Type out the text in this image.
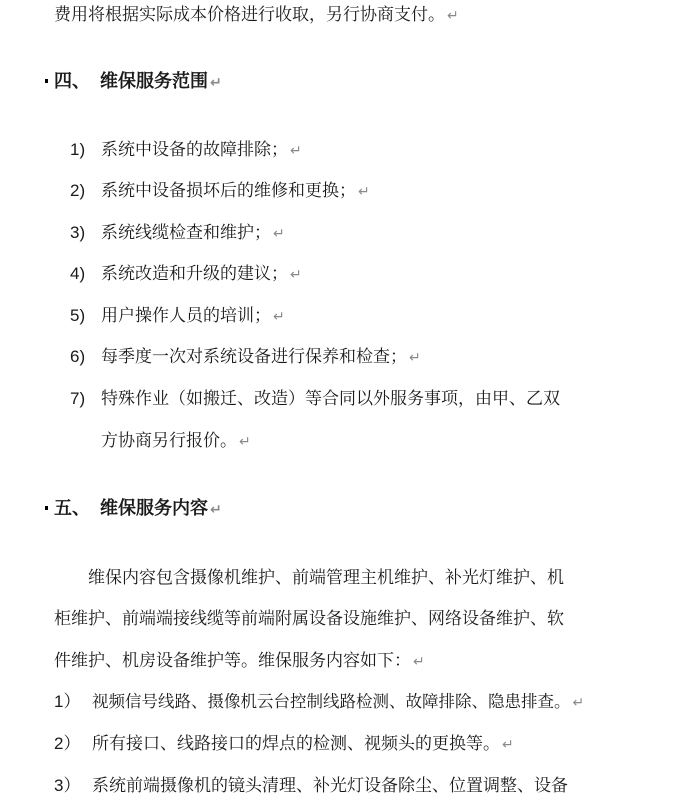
费用将根据实际成本价格进行收取，另行协商支付。 ↵
四、 维保服务范围 ↵
1) 系统中设备的故障排除； ↵
2) 系统中设备损坏后的维修和更换； ↵
3) 系统线缆检查和维护； ↵
4) 系统改造和升级的建议； ↵
5) 用户操作人员的培训； ↵
6) 每季度一次对系统设备进行保养和检查； ↵
7) 特殊作业（如搬迁、改造）等合同以外服务事项，由甲、乙双
方协商另行报价。 ↵
五、 维保服务内容 ↵
维保内容包含摄像机维护、前端管理主机维护、补光灯维护、机
柜维护、前端端接线缆等前端附属设备设施维护、网络设备维护、软
件维护、机房设备维护等。维保服务内容如下： ↵
1） 视频信号线路、摄像机云台控制线路检测、故障排除、隐患排查。 ↵
2） 所有接口、线路接口的焊点的检测、视频头的更换等。 ↵
3） 系统前端摄像机的镜头清理、补光灯设备除尘、位置调整、设备
